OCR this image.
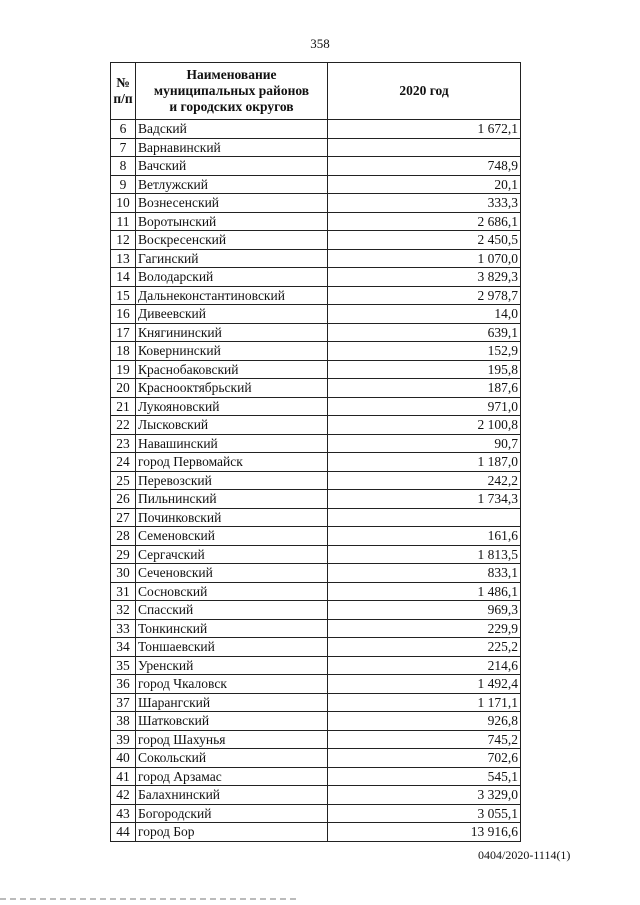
358
№
п/п	Наименование
муниципальных районов
и городских округов	2020 год
6	Вадский	1 672,1
7	Варнавинский	
8	Вачский	748,9
9	Ветлужский	20,1
10	Вознесенский	333,3
11	Воротынский	2 686,1
12	Воскресенский	2 450,5
13	Гагинский	1 070,0
14	Володарский	3 829,3
15	Дальнеконстантиновский	2 978,7
16	Дивеевский	14,0
17	Княгининский	639,1
18	Ковернинский	152,9
19	Краснобаковский	195,8
20	Краснооктябрьский	187,6
21	Лукояновский	971,0
22	Лысковский	2 100,8
23	Навашинский	90,7
24	город Первомайск	1 187,0
25	Перевозский	242,2
26	Пильнинский	1 734,3
27	Починковский	
28	Семеновский	161,6
29	Сергачский	1 813,5
30	Сеченовский	833,1
31	Сосновский	1 486,1
32	Спасский	969,3
33	Тонкинский	229,9
34	Тоншаевский	225,2
35	Уренский	214,6
36	город Чкаловск	1 492,4
37	Шарангский	1 171,1
38	Шатковский	926,8
39	город Шахунья	745,2
40	Сокольский	702,6
41	город Арзамас	545,1
42	Балахнинский	3 329,0
43	Богородский	3 055,1
44	город Бор	13 916,6
0404/2020-1114(1)
